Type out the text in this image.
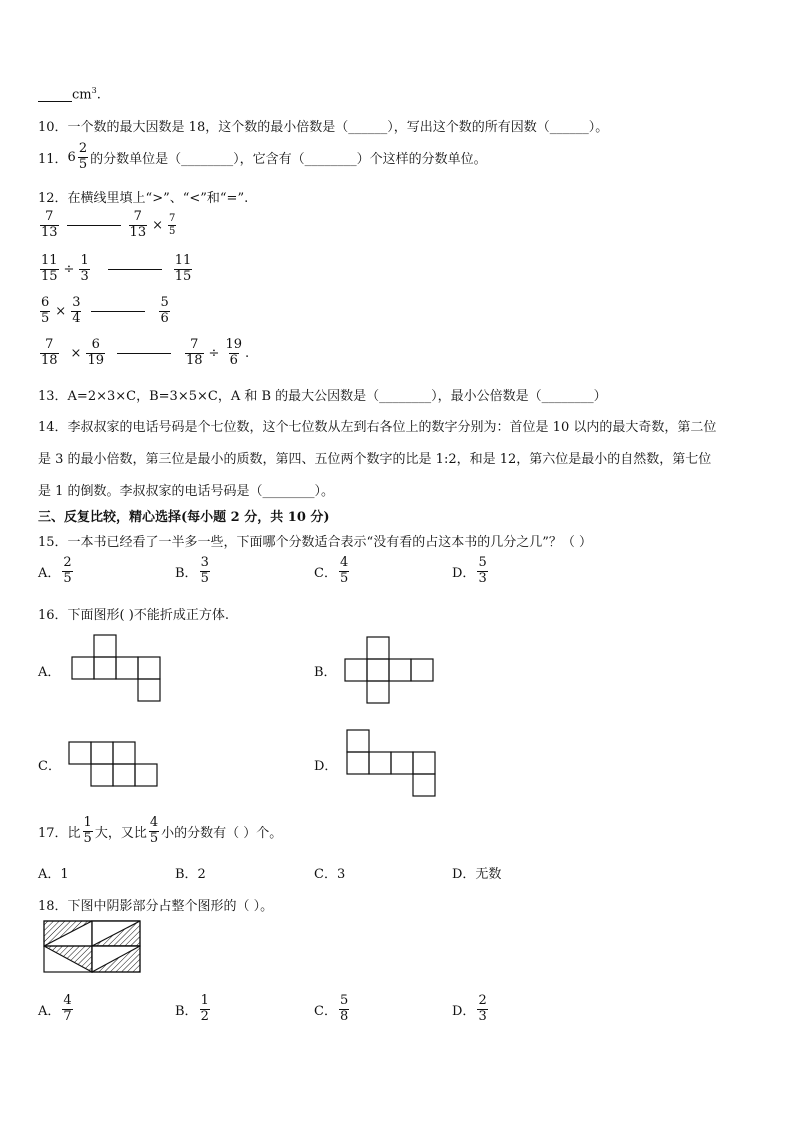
$cm^3$.
10．一个数的最大因数是 18，这个数的最小倍数是（______），写出这个数的所有因数（______）。
11． $6 \frac{2}{5}$ 的分数单位是（________），它含有（________）个这样的分数单位。
12．在横线里填上“>”、“<”和“=”.
$\frac{7}{13}$	$\frac{7}{13} \times \frac{7}{5}$
$\frac{11}{15} \div \frac{1}{3}$	$\frac{11}{15}$
$\frac{6}{5} \times \frac{3}{4}$	$\frac{5}{6}$
$\frac{7}{18} \times \frac{6}{19}$	$\frac{7}{18} \div \frac{19}{6}$ .
13．A=2×3×C，B=3×5×C，A 和 B 的最大公因数是（________），最小公倍数是（________）
14．李叔叔家的电话号码是个七位数，这个七位数从左到右各位上的数字分别为：首位是 10 以内的最大奇数，第二位
是 3 的最小倍数，第三位是最小的质数，第四、五位两个数字的比是 1:2，和是 12，第六位是最小的自然数，第七位
是 1 的倒数。李叔叔家的电话号码是（________）。
三、反复比较，精心选择(每小题 2 分，共 10 分)
15．一本书已经看了一半多一些，下面哪个分数适合表示“没有看的占这本书的几分之几”？（ ）
A． $\frac{2}{5}$	B． $\frac{3}{5}$	C． $\frac{4}{5}$	D． $\frac{5}{3}$
16．下面图形( )不能折成正方体.
A．	B．
C．	D．
17．比 $\frac{1}{5}$ 大，又比 $\frac{4}{5}$ 小的分数有（ ）个。
A．1	B．2	C．3	D．无数
18．下图中阴影部分占整个图形的（ ）。
A． $\frac{4}{7}$	B． $\frac{1}{2}$	C． $\frac{5}{8}$	D． $\frac{2}{3}$
